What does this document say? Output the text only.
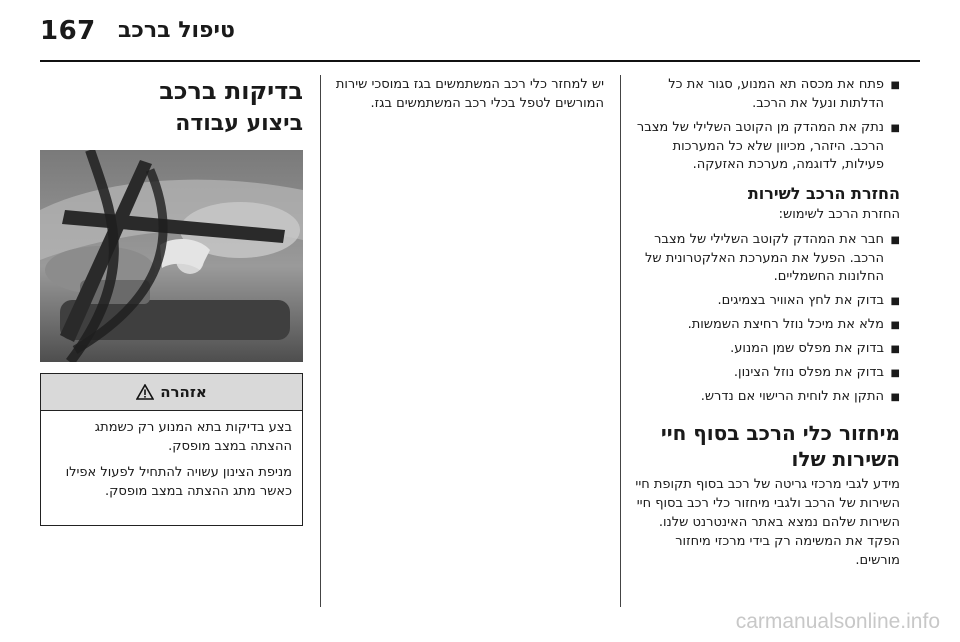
167 טיפול ברכב
■ פתח את מכסה תא המנוע, סגור את כל הדלתות ונעל את הרכב.
■ נתק את המהדק מן הקוטב השלילי של מצבר הרכב. היזהר, מכיוון שלא כל המערכות פעילות, לדוגמה, מערכת האזעקה.
החזרת הרכב לשירות

החזרת הרכב לשימוש:

■ חבר את המהדק לקוטב השלילי של מצבר הרכב. הפעל את המערכת האלקטרונית של החלונות החשמליים.
■ בדוק את לחץ האוויר בצמיגים.
■ מלא את מיכל נוזל רחיצת השמשות.
■ בדוק את מפלס שמן המנוע.
■ בדוק את מפלס נוזל הצינון.
■ התקן את לוחית הרישוי אם נדרש.
מיחזור כלי הרכב בסוף חיי השירות שלו

מידע לגבי מרכזי גריטה של רכב בסוף תקופת חיי השירות של הרכב ולגבי מיחזור כלי רכב בסוף חיי השירות שלהם נמצא באתר האינטרנט שלנו. הפקד את המשימה רק בידי מרכזי מיחזור מורשים.

יש למחזר כלי רכב המשתמשים בגז במוסכי שירות המורשים לטפל בכלי רכב המשתמשים בגז.

בדיקות ברכב
ביצוע עבודה
אזהרה

בצע בדיקות בתא המנוע רק כשמתג ההצתה במצב מופסק.

מניפת הצינון עשויה להתחיל לפעול אפילו כאשר מתג ההצתה במצב מופסק.

carmanualsonline.info
